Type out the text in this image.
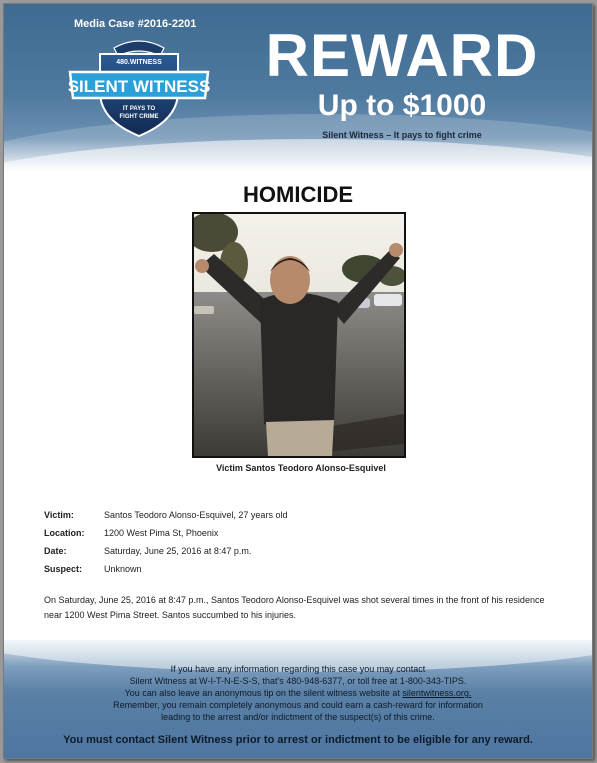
Media Case #2016-2201
480.WITNESS
SILENT WITNESS
IT PAYS TO
FIGHT CRIME
REWARD
Up to $1000
Silent Witness – It pays to fight crime
HOMICIDE
Victim Santos Teodoro Alonso-Esquivel
Victim:	Santos Teodoro Alonso-Esquivel, 27 years old
Location:	1200 West Pima St, Phoenix
Date:	Saturday, June 25, 2016 at 8:47 p.m.
Suspect:	Unknown
On Saturday, June 25, 2016 at 8:47 p.m., Santos Teodoro Alonso-Esquivel was shot several times in the front of his residence near 1200 West Pima Street. Santos succumbed to his injuries.
If you have any information regarding this case you may contact
Silent Witness at W-I-T-N-E-S-S, that's 480-948-6377, or toll free at 1-800-343-TIPS.
You can also leave an anonymous tip on the silent witness website at silentwitness.org.
Remember, you remain completely anonymous and could earn a cash-reward for information
leading to the arrest and/or indictment of the suspect(s) of this crime.
You must contact Silent Witness prior to arrest or indictment to be eligible for any reward.
